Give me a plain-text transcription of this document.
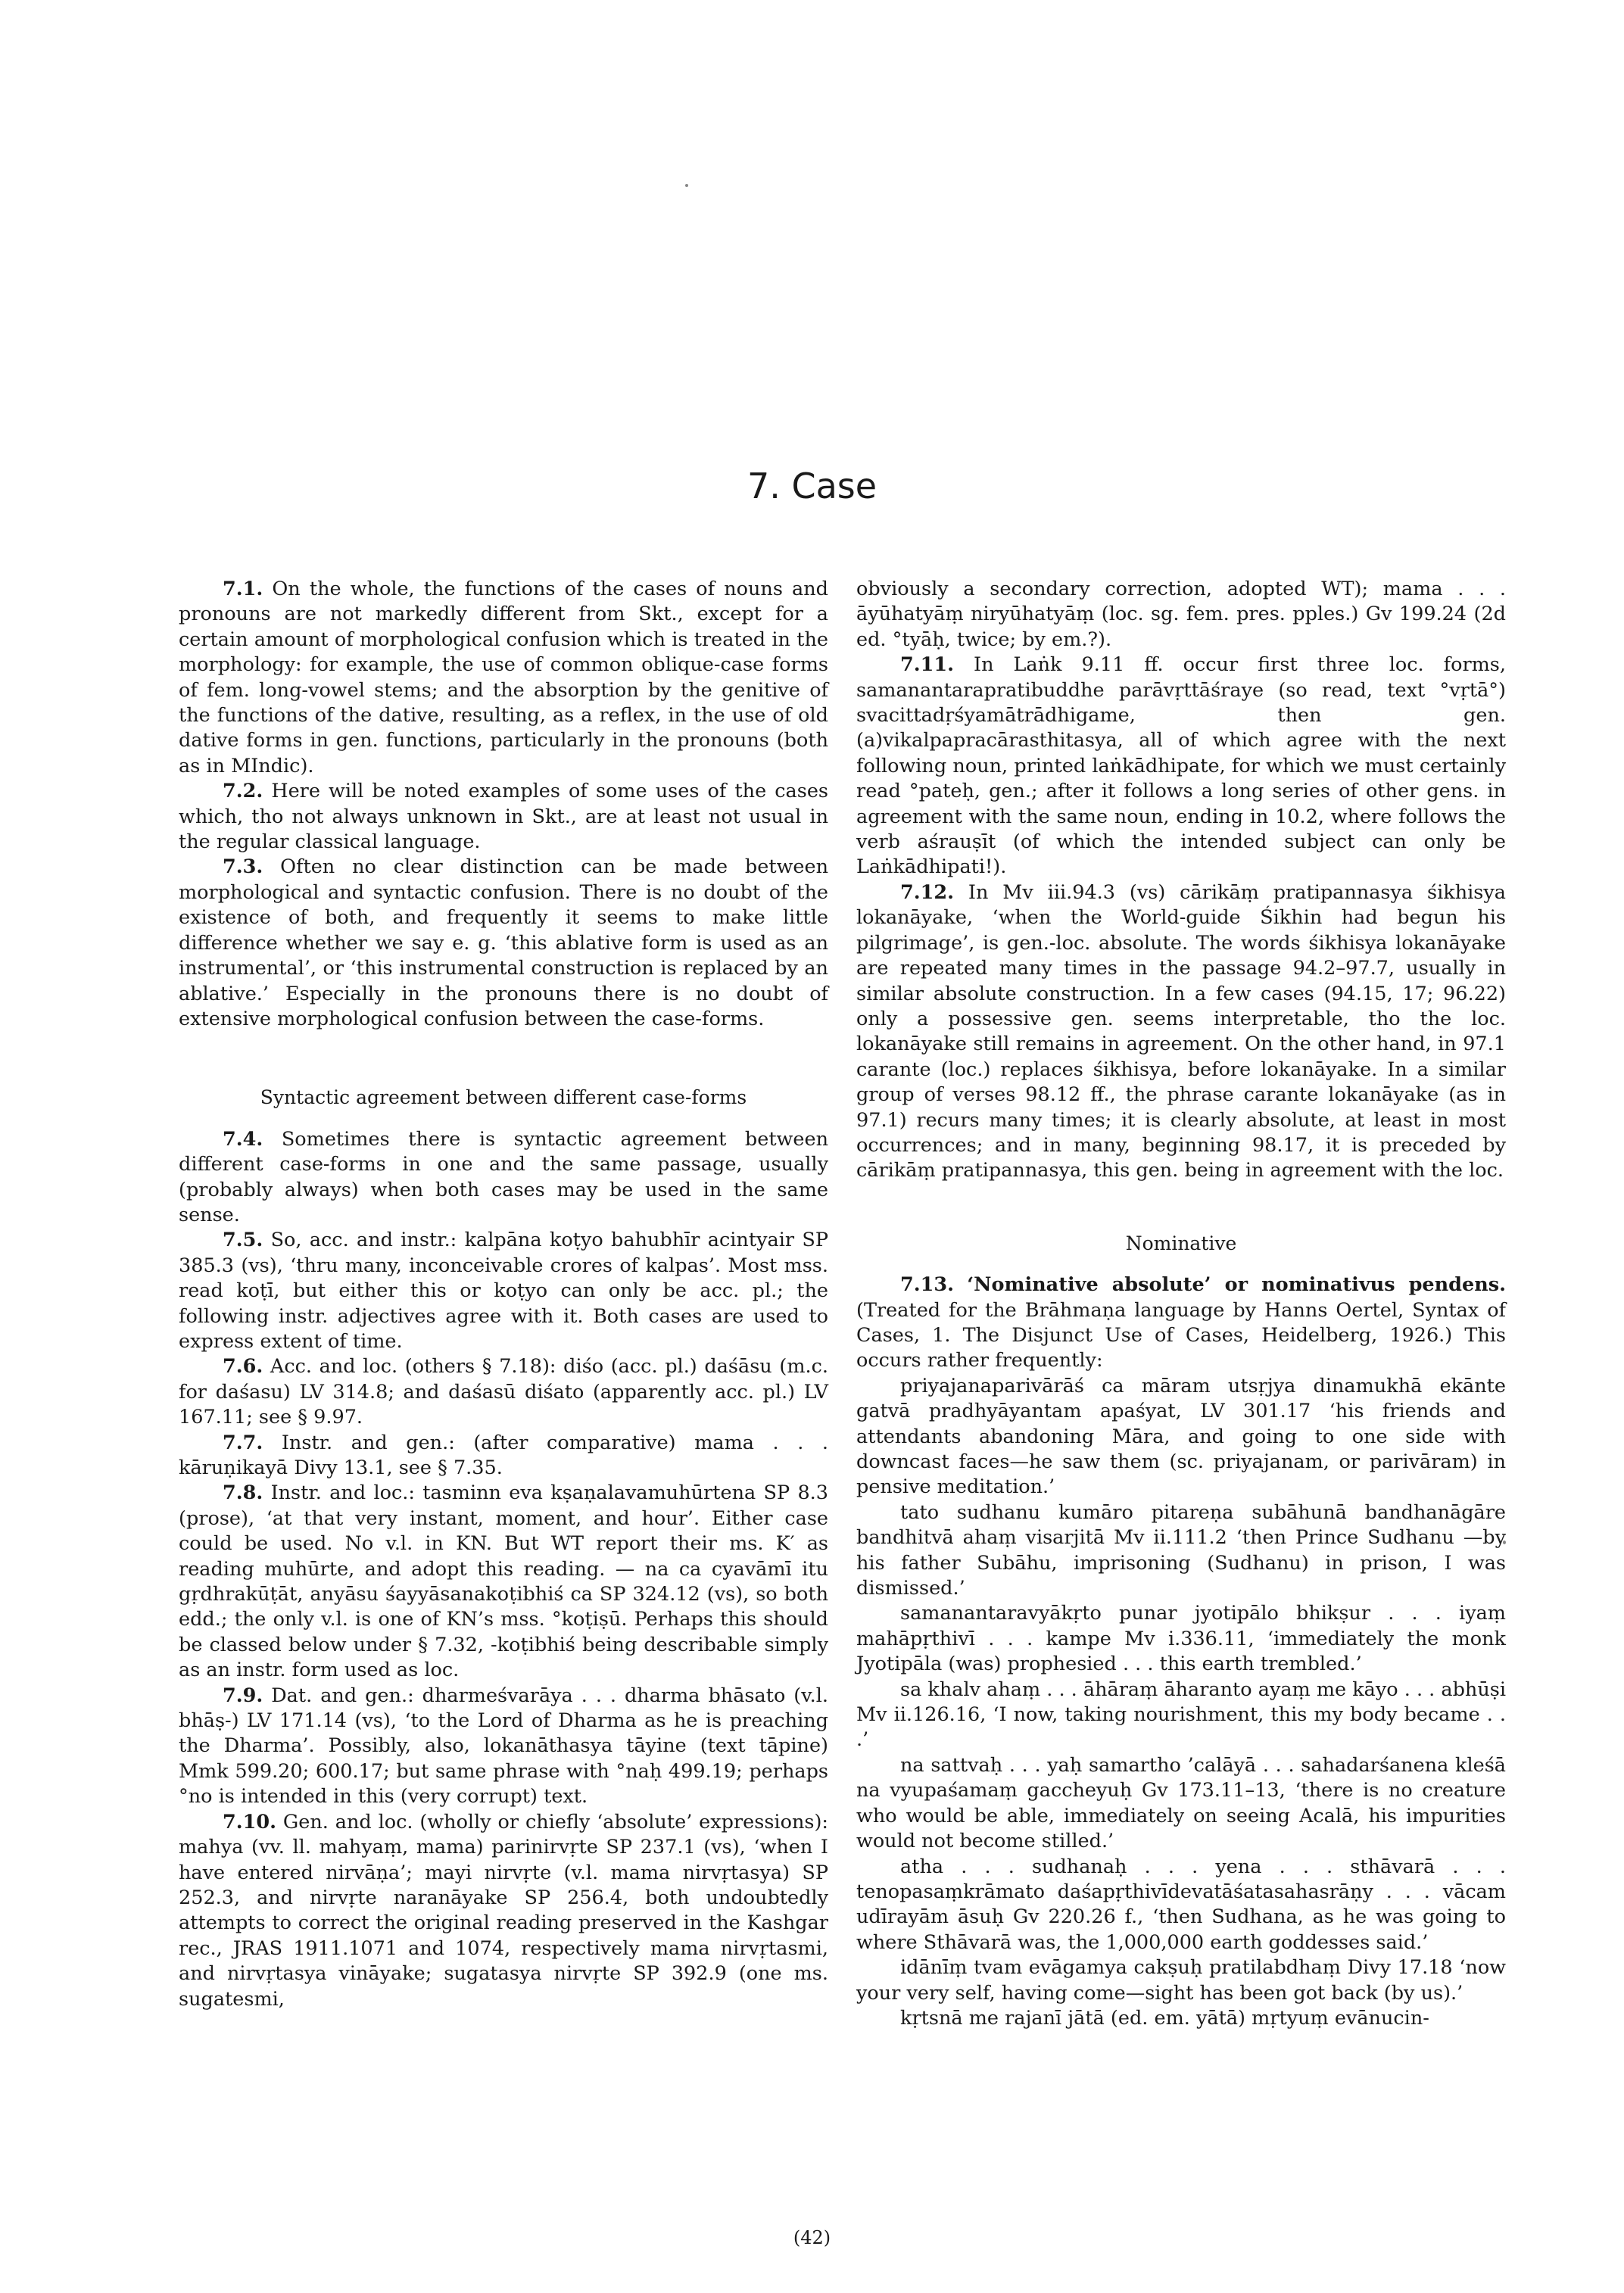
7. Case

7.1. On the whole, the functions of the cases of nouns and pronouns are not markedly different from Skt., except for a certain amount of morphological confusion which is treated in the morphology: for example, the use of common oblique-case forms of fem. long-vowel stems; and the absorption by the genitive of the functions of the dative, resulting, as a reflex, in the use of old dative forms in gen. functions, particularly in the pronouns (both as in MIndic).

7.2. Here will be noted examples of some uses of the cases which, tho not always unknown in Skt., are at least not usual in the regular classical language.

7.3. Often no clear distinction can be made between morphological and syntactic confusion. There is no doubt of the existence of both, and frequently it seems to make little difference whether we say e. g. ‘this ablative form is used as an instrumental’, or ‘this instrumental construction is replaced by an ablative.’ Especially in the pronouns there is no doubt of extensive morphological confusion between the case-forms.

Syntactic agreement between different case-forms

7.4. Sometimes there is syntactic agreement between different case-forms in one and the same passage, usually (probably always) when both cases may be used in the same sense.

7.5. So, acc. and instr.: kalpāna koṭyo bahubhīr acintyair SP 385.3 (vs), ‘thru many, inconceivable crores of kalpas’. Most mss. read koṭī, but either this or koṭyo can only be acc. pl.; the following instr. adjectives agree with it. Both cases are used to express extent of time.

7.6. Acc. and loc. (others § 7.18): diśo (acc. pl.) daśāsu (m.c. for daśasu) LV 314.8; and daśasū diśato (apparently acc. pl.) LV 167.11; see § 9.97.

7.7. Instr. and gen.: (after comparative) mama . . . kāruṇikayā Divy 13.1, see § 7.35.

7.8. Instr. and loc.: tasminn eva kṣaṇalavamuhūrtena SP 8.3 (prose), ‘at that very instant, moment, and hour’. Either case could be used. No v.l. in KN. But WT report their ms. K′ as reading muhūrte, and adopt this reading. — na ca cyavāmī itu gṛdhrakūṭāt, anyāsu śayyāsanakoṭibhiś ca SP 324.12 (vs), so both edd.; the only v.l. is one of KN’s mss. °koṭiṣū. Perhaps this should be classed below under § 7.32, -koṭibhiś being describable simply as an instr. form used as loc.

7.9. Dat. and gen.: dharmeśvarāya . . . dharma bhāsato (v.l. bhāṣ-) LV 171.14 (vs), ‘to the Lord of Dharma as he is preaching the Dharma’. Possibly, also, lokanāthasya tāyine (text tāpine) Mmk 599.20; 600.17; but same phrase with °naḥ 499.19; perhaps °no is intended in this (very corrupt) text.

7.10. Gen. and loc. (wholly or chiefly ‘absolute’ expressions): mahya (vv. ll. mahyaṃ, mama) parinirvṛte SP 237.1 (vs), ‘when I have entered nirvāṇa’; mayi nirvṛte (v.l. mama nirvṛtasya) SP 252.3, and nirvṛte naranāyake SP 256.4, both undoubtedly attempts to correct the original reading preserved in the Kashgar rec., JRAS 1911.1071 and 1074, respectively mama nirvṛtasmi, and nirvṛtasya vināyake; sugatasya nirvṛte SP 392.9 (one ms. sugatesmi,

obviously a secondary correction, adopted WT); mama . . . āyūhatyāṃ niryūhatyāṃ (loc. sg. fem. pres. pples.) Gv 199.24 (2d ed. °tyāḥ, twice; by em.?).

7.11. In Laṅk 9.11 ff. occur first three loc. forms, samanantarapratibuddhe parāvṛttāśraye (so read, text °vṛtā°) svacittadṛśyamātrādhigame, then gen. (a)vikalpapracārasthitasya, all of which agree with the next following noun, printed laṅkādhipate, for which we must certainly read °pateḥ, gen.; after it follows a long series of other gens. in agreement with the same noun, ending in 10.2, where follows the verb aśrauṣīt (of which the intended subject can only be Laṅkādhipati!).

7.12. In Mv iii.94.3 (vs) cārikāṃ pratipannasya śikhisya lokanāyake, ‘when the World-guide Śikhin had begun his pilgrimage’, is gen.-loc. absolute. The words śikhisya lokanāyake are repeated many times in the passage 94.2–97.7, usually in similar absolute construction. In a few cases (94.15, 17; 96.22) only a possessive gen. seems interpretable, tho the loc. lokanāyake still remains in agreement. On the other hand, in 97.1 carante (loc.) replaces śikhisya, before lokanāyake. In a similar group of verses 98.12 ff., the phrase carante lokanāyake (as in 97.1) recurs many times; it is clearly absolute, at least in most occurrences; and in many, beginning 98.17, it is preceded by cārikāṃ pratipannasya, this gen. being in agreement with the loc.

Nominative

7.13. ‘Nominative absolute’ or nominativus pendens. (Treated for the Brāhmaṇa language by Hanns Oertel, Syntax of Cases, 1. The Disjunct Use of Cases, Heidelberg, 1926.) This occurs rather frequently:

priyajanaparivārāś ca māram utsṛjya dinamukhā ekānte gatvā pradhyāyantam apaśyat, LV 301.17 ‘his friends and attendants abandoning Māra, and going to one side with downcast faces—he saw them (sc. priyajanam, or parivāram) in pensive meditation.’

tato sudhanu kumāro pitareṇa subāhunā bandhanāgāre bandhitvā ahaṃ visarjitā Mv ii.111.2 ‘then Prince Sudhanu —by his father Subāhu, imprisoning (Sudhanu) in prison, I was dismissed.’

samanantaravyākṛto punar jyotipālo bhikṣur . . . iyaṃ mahāpṛthivī . . . kampe Mv i.336.11, ‘immediately the monk Jyotipāla (was) prophesied . . . this earth trembled.’

sa khalv ahaṃ . . . āhāraṃ āharanto ayaṃ me kāyo . . . abhūṣi Mv ii.126.16, ‘I now, taking nourishment, this my body became . . .’

na sattvaḥ . . . yaḥ samartho ’calāyā . . . sahadarśanena kleśā na vyupaśamaṃ gaccheyuḥ Gv 173.11–13, ‘there is no creature who would be able, immediately on seeing Acalā, his impurities would not become stilled.’

atha . . . sudhanaḥ . . . yena . . . sthāvarā . . . tenopasaṃkrāmato daśapṛthivīdevatāśatasahasrāṇy . . . vācam udīrayām āsuḥ Gv 220.26 f., ‘then Sudhana, as he was going to where Sthāvarā was, the 1,000,000 earth goddesses said.’

idānīṃ tvam evāgamya cakṣuḥ pratilabdhaṃ Divy 17.18 ‘now your very self, having come—sight has been got back (by us).’

kṛtsnā me rajanī jātā (ed. em. yātā) mṛtyuṃ evānucin-

(42)
